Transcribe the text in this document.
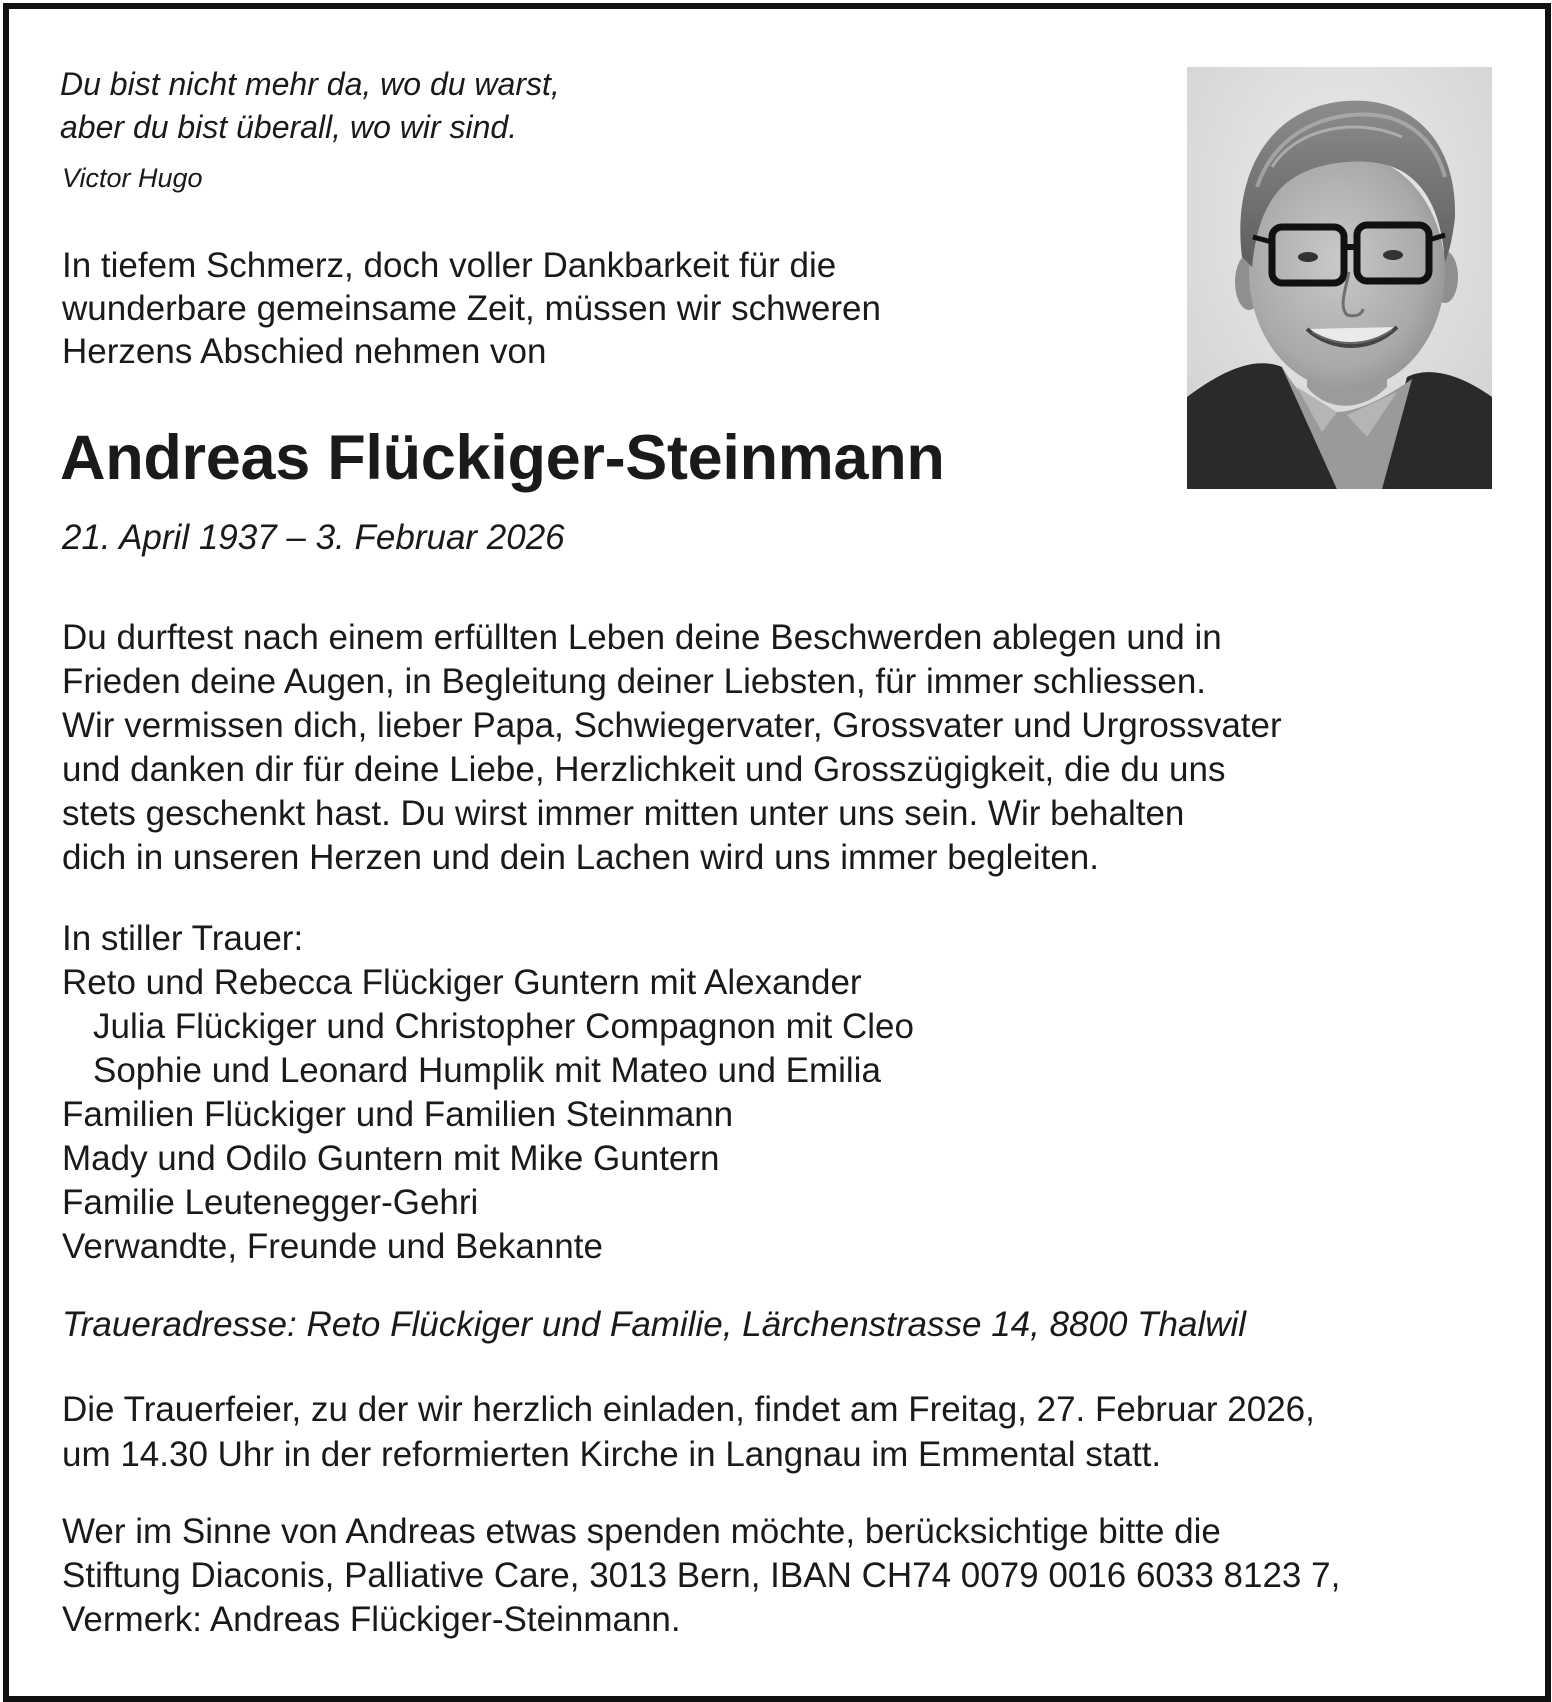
Du bist nicht mehr da, wo du warst,
aber du bist überall, wo wir sind.
Victor Hugo
In tiefem Schmerz, doch voller Dankbarkeit für die
wunderbare gemeinsame Zeit, müssen wir schweren
Herzens Abschied nehmen von
Andreas Flückiger-Steinmann
21. April 1937 – 3. Februar 2026
Du durftest nach einem erfüllten Leben deine Beschwerden ablegen und in
Frieden deine Augen, in Begleitung deiner Liebsten, für immer schliessen.
Wir vermissen dich, lieber Papa, Schwiegervater, Grossvater und Urgrossvater
und danken dir für deine Liebe, Herzlichkeit und Grosszügigkeit, die du uns
stets geschenkt hast. Du wirst immer mitten unter uns sein. Wir behalten
dich in unseren Herzen und dein Lachen wird uns immer begleiten.
In stiller Trauer:
Reto und Rebecca Flückiger Guntern mit Alexander
Julia Flückiger und Christopher Compagnon mit Cleo
Sophie und Leonard Humplik mit Mateo und Emilia
Familien Flückiger und Familien Steinmann
Mady und Odilo Guntern mit Mike Guntern
Familie Leutenegger-Gehri
Verwandte, Freunde und Bekannte
Traueradresse: Reto Flückiger und Familie, Lärchenstrasse 14, 8800 Thalwil
Die Trauerfeier, zu der wir herzlich einladen, findet am Freitag, 27. Februar 2026,
um 14.30 Uhr in der reformierten Kirche in Langnau im Emmental statt.
Wer im Sinne von Andreas etwas spenden möchte, berücksichtige bitte die
Stiftung Diaconis, Palliative Care, 3013 Bern, IBAN CH74 0079 0016 6033 8123 7,
Vermerk: Andreas Flückiger-Steinmann.
